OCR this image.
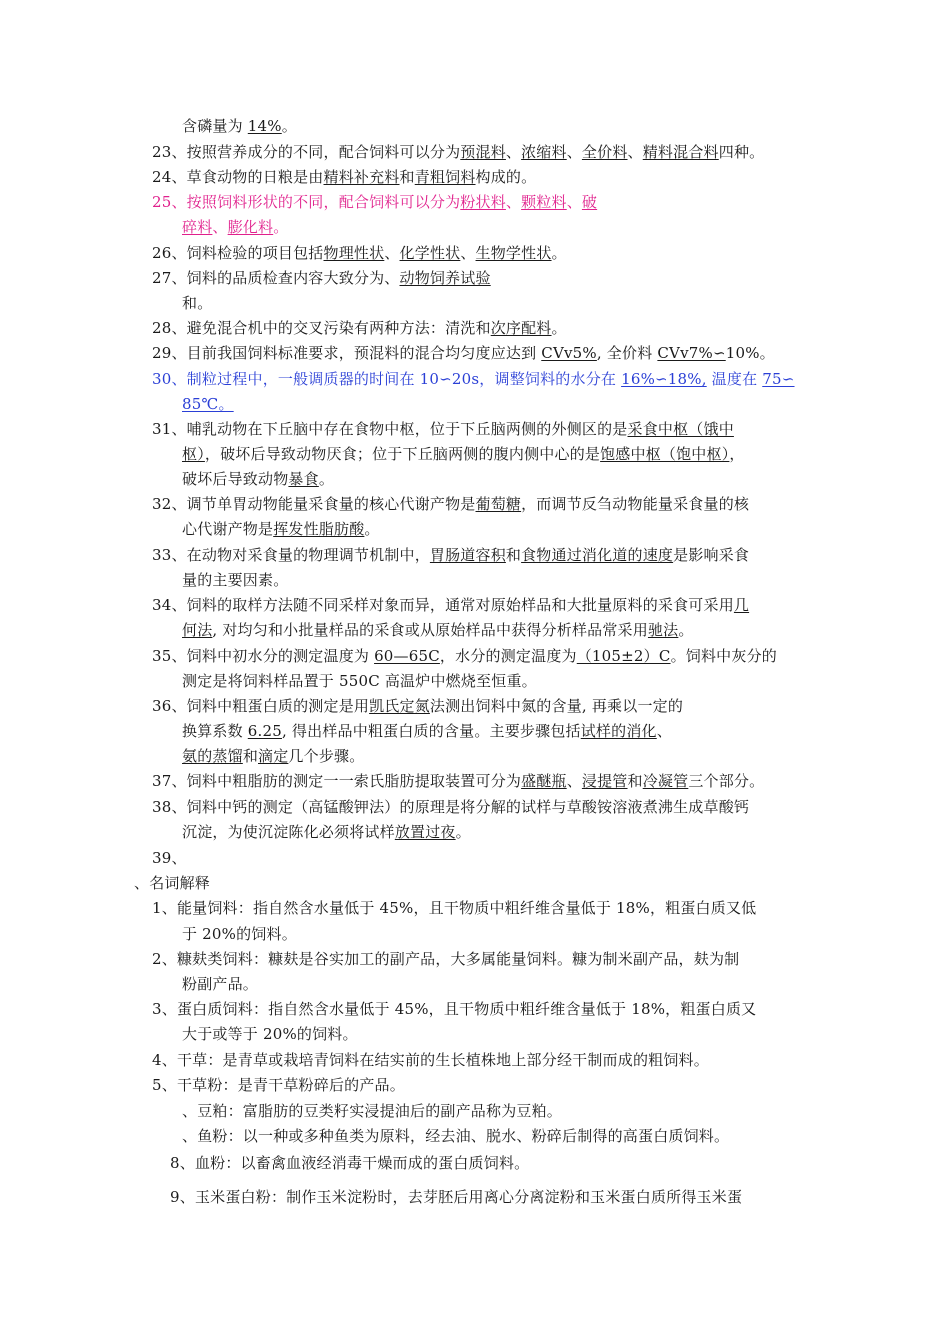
含磷量为 14%。
23、按照营养成分的不同，配合饲料可以分为预混料、浓缩料、全价料、精料混合料四种。
24、草食动物的日粮是由精料补充料和青粗饲料构成的。
25、按照饲料形状的不同，配合饲料可以分为粉状料、颗粒料、破
碎料、膨化料。
26、饲料检验的项目包括物理性状、化学性状、生物学性状。
27、饲料的品质检查内容大致分为、动物饲养试验
和。
28、避免混合机中的交叉污染有两种方法：清洗和次序配料。
29、目前我国饲料标准要求，预混料的混合均匀度应达到 CVv5%, 全价料 CVv7%∽10%。
30、制粒过程中，一般调质器的时间在 10∽20s，调整饲料的水分在 16%∽18%, 温度在 75∽
85℃。
31、哺乳动物在下丘脑中存在食物中枢，位于下丘脑两侧的外侧区的是采食中枢（饿中
枢），破坏后导致动物厌食；位于下丘脑两侧的腹内侧中心的是饱感中枢（饱中枢），
破坏后导致动物暴食。
32、调节单胃动物能量采食量的核心代谢产物是葡萄糖，而调节反刍动物能量采食量的核
心代谢产物是挥发性脂肪酸。
33、在动物对采食量的物理调节机制中，胃肠道容积和食物通过消化道的速度是影响采食
量的主要因素。
34、饲料的取样方法随不同采样对象而异，通常对原始样品和大批量原料的采食可采用几
何法, 对均匀和小批量样品的采食或从原始样品中获得分析样品常采用驰法。
35、饲料中初水分的测定温度为 60—65C，水分的测定温度为（105±2）C。饲料中灰分的
测定是将饲料样品置于 550C 高温炉中燃烧至恒重。
36、饲料中粗蛋白质的测定是用凯氏定氮法测出饲料中氮的含量, 再乘以一定的
换算系数 6.25, 得出样品中粗蛋白质的含量。主要步骤包括试样的消化、
氨的蒸馏和滴定几个步骤。
37、饲料中粗脂肪的测定一一索氏脂肪提取装置可分为盛醚瓶、浸提管和冷凝管三个部分。
38、饲料中钙的测定（高锰酸钾法）的原理是将分解的试样与草酸铵溶液煮沸生成草酸钙
沉淀，为使沉淀陈化必须将试样放置过夜。
39、
、名词解释
1、能量饲料：指自然含水量低于 45%，且干物质中粗纤维含量低于 18%，粗蛋白质又低
于 20%的饲料。
2、糠麸类饲料：糠麸是谷实加工的副产品，大多属能量饲料。糠为制米副产品，麸为制
粉副产品。
3、蛋白质饲料：指自然含水量低于 45%，且干物质中粗纤维含量低于 18%，粗蛋白质又
大于或等于 20%的饲料。
4、干草：是青草或栽培青饲料在结实前的生长植株地上部分经干制而成的粗饲料。
5、干草粉：是青干草粉碎后的产品。
、豆粕：富脂肪的豆类籽实浸提油后的副产品称为豆粕。
、鱼粉：以一种或多种鱼类为原料，经去油、脱水、粉碎后制得的高蛋白质饲料。
8、血粉：以畜禽血液经消毒干燥而成的蛋白质饲料。
9、玉米蛋白粉：制作玉米淀粉时，去芽胚后用离心分离淀粉和玉米蛋白质所得玉米蛋
